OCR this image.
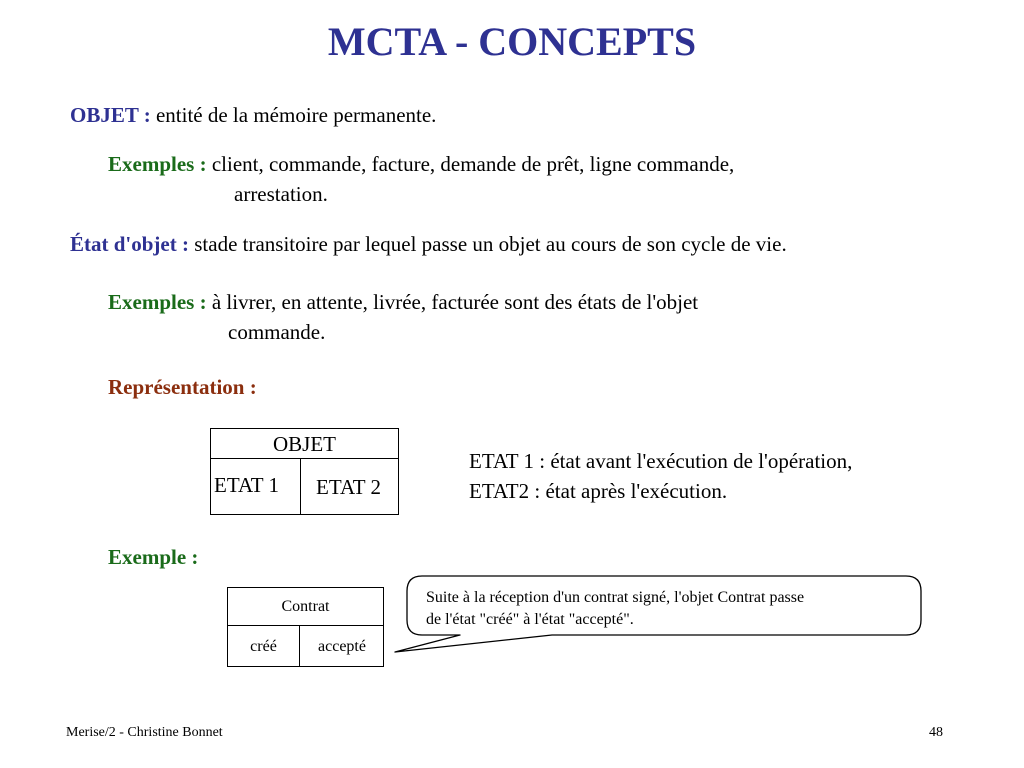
MCTA - CONCEPTS
OBJET : entité de la mémoire permanente.
Exemples : client, commande, facture, demande de prêt, ligne commande,
arrestation.
État d'objet : stade transitoire par lequel passe un objet au cours de son cycle de vie.
Exemples : à livrer, en attente, livrée, facturée sont des états de l'objet
commande.
Représentation :
OBJET
ETAT 1 ETAT 2
ETAT 1 : état avant l'exécution de l'opération,
ETAT2 : état après l'exécution.
Exemple :
Contrat
créé	accepté
Suite à la réception d'un contrat signé, l'objet Contrat passe
de l'état "créé" à l'état "accepté".
Merise/2 - Christine Bonnet	48
